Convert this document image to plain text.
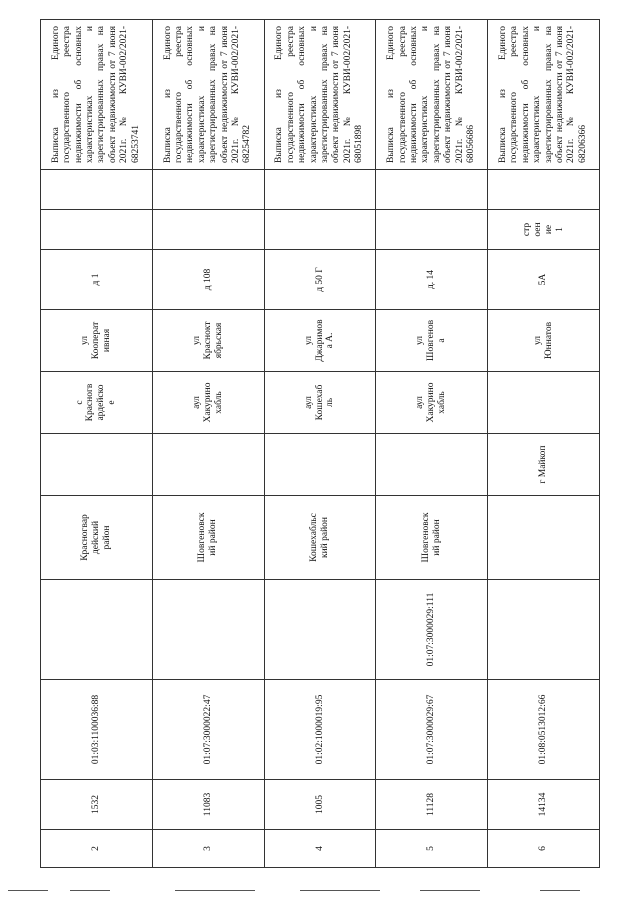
2	1532	01:03:1100036:88		Красногвар
дейский
район		с
Красногв
ардейско
е	ул
Кооперат
ивная	д 1			Выписка из Единого государственного реестра недвижимости об основных характеристиках и зарегистрированных правах на объект недвижимости от 7 июня 2021г. № КУВИ-002/2021-68253741
3	11083	01:07:3000022:47		Шовгеновск
ий район		аул
Хакурино
хабль	ул
Краснокт
ябрьская	д 108			Выписка из Единого государственного реестра недвижимости об основных характеристиках и зарегистрированных правах на объект недвижимости от 7 июня 2021г. № КУВИ-002/2021-68254782
4	1005	01:02:1000019:95		Кошехабльс
кий район		аул
Кошехаб
ль	ул
Джаримов
а А.	д 50 Г			Выписка из Единого государственного реестра недвижимости об основных характеристиках и зарегистрированных правах на объект недвижимости от 7 июня 2021г. № КУВИ-002/2021-68051898
5	11128	01:07:3000029:67	01:07:3000029:111	Шовгеновск
ий район		аул
Хакурино
хабль	ул
Шовгенов
а	д. 14			Выписка из Единого государственного реестра недвижимости об основных характеристиках и зарегистрированных правах на объект недвижимости от 7 июня 2021г. № КУВИ-002/2021-68056686
6	14134	01:08:0513012:66			г Майкоп		ул
Юннатов	5А	стр
оен
ие
1		Выписка из Единого государственного реестра недвижимости об основных характеристиках и зарегистрированных правах на объект недвижимости от 7 июня 2021г. № КУВИ-002/2021-68206366
